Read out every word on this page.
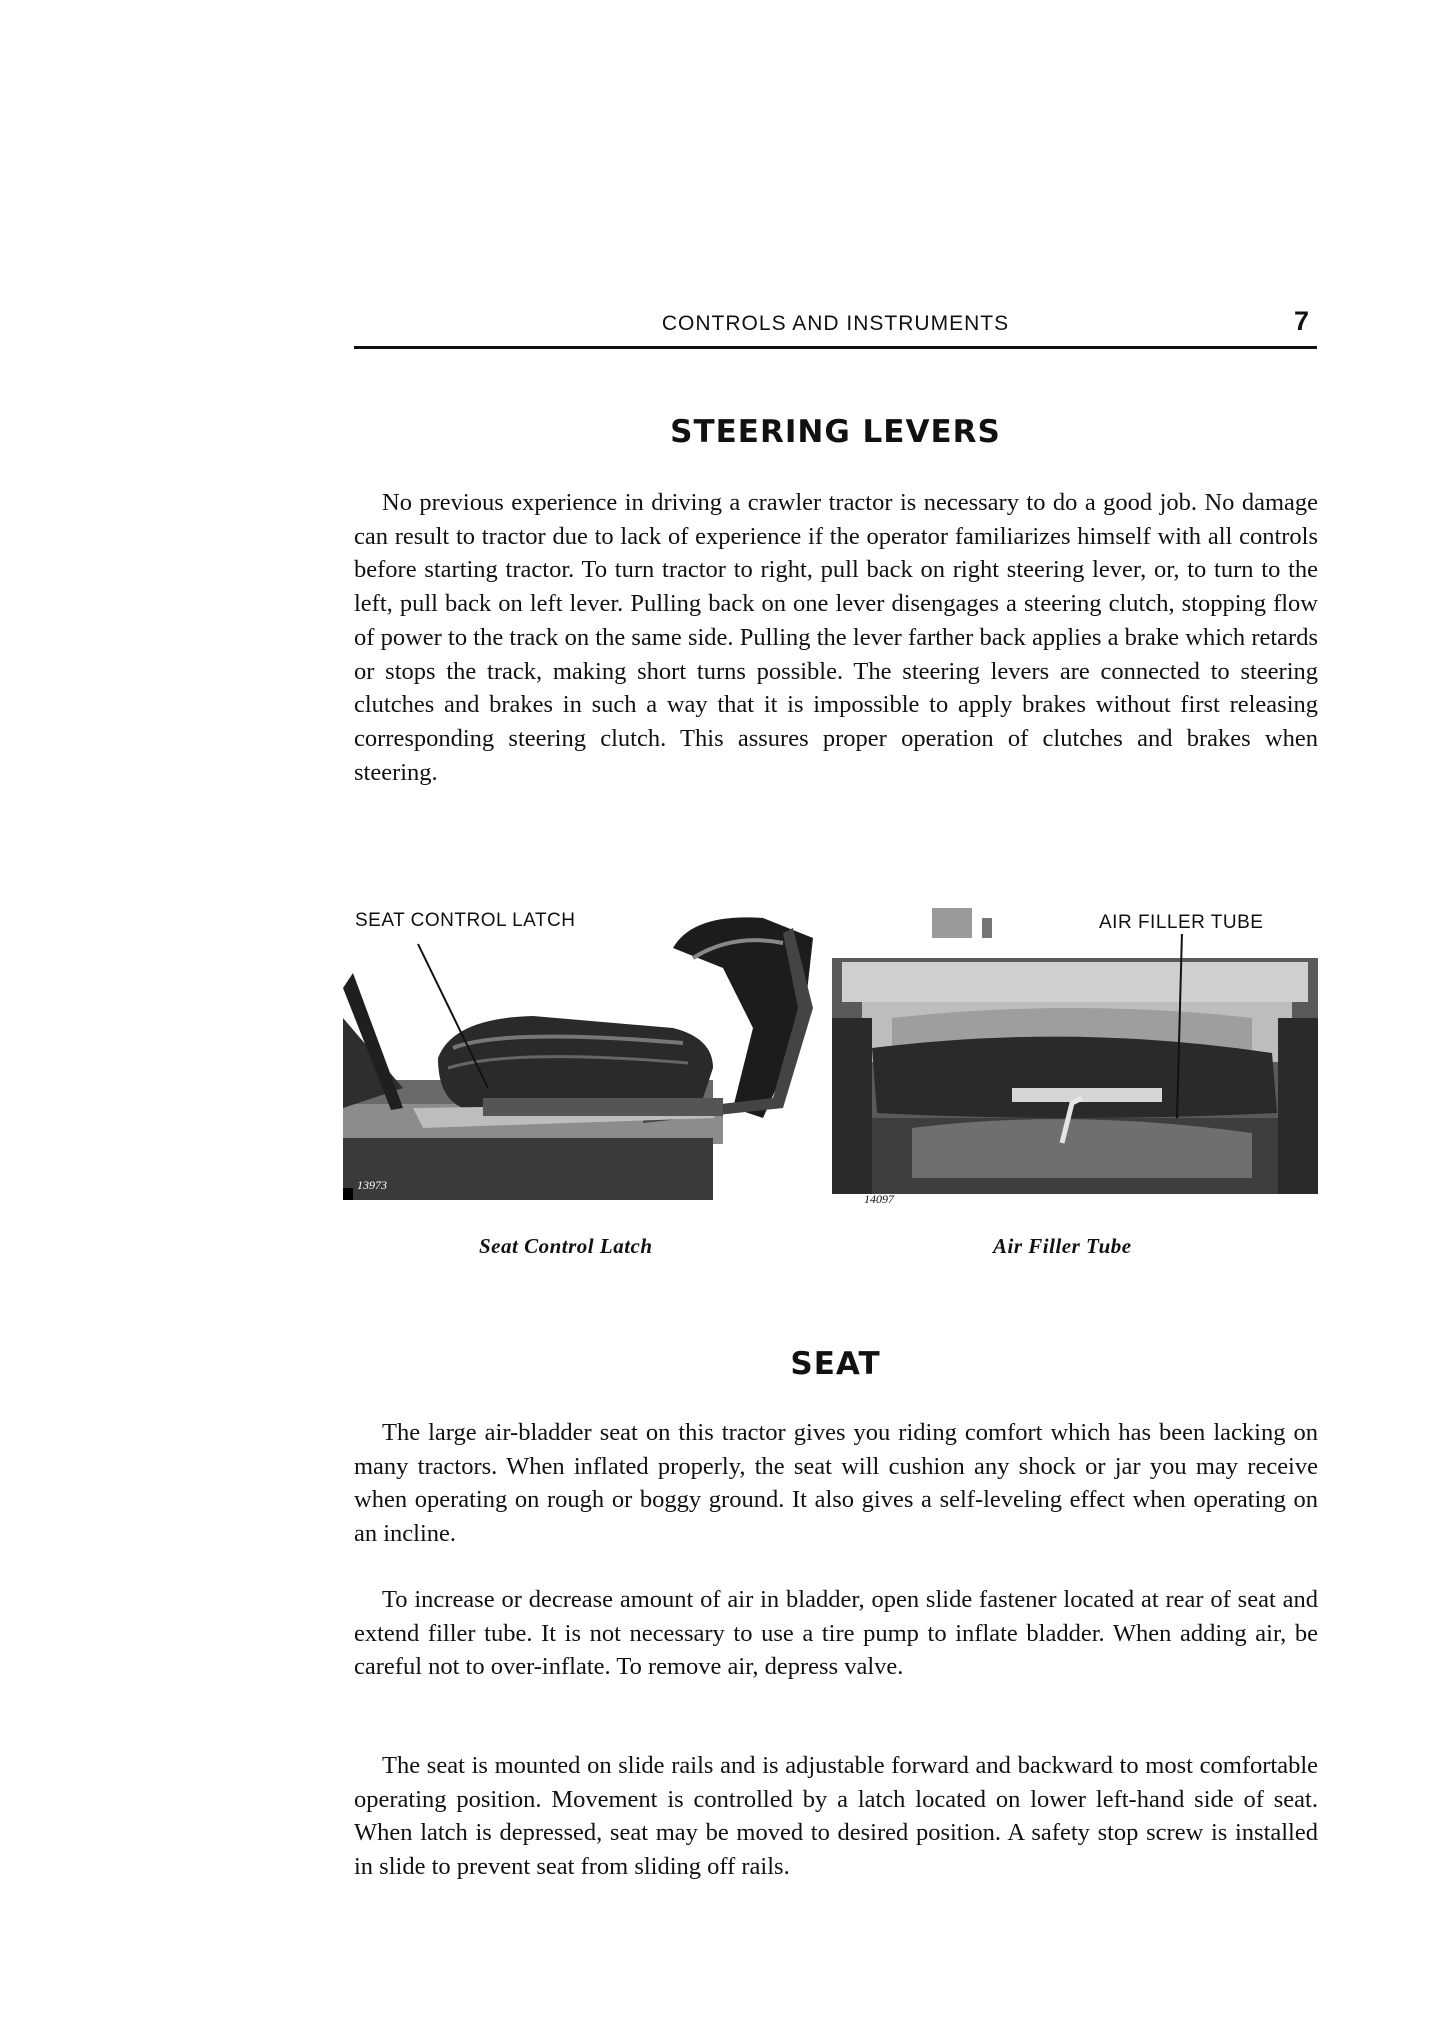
CONTROLS AND INSTRUMENTS	7
STEERING LEVERS

No previous experience in driving a crawler tractor is necessary to do a good job. No damage can result to tractor due to lack of experience if the operator familiarizes himself with all controls before starting tractor. To turn tractor to right, pull back on right steering lever, or, to turn to the left, pull back on left lever. Pulling back on one lever disengages a steering clutch, stopping flow of power to the track on the same side. Pulling the lever farther back applies a brake which retards or stops the track, making short turns possible. The steering levers are connected to steering clutches and brakes in such a way that it is impossible to apply brakes without first releasing corresponding steering clutch. This assures proper operation of clutches and brakes when steering.

SEAT CONTROL LATCH
13973
Seat Control Latch
AIR FILLER TUBE
14097
Air Filler Tube
SEAT

The large air-bladder seat on this tractor gives you riding comfort which has been lacking on many tractors. When inflated properly, the seat will cushion any shock or jar you may receive when operating on rough or boggy ground. It also gives a self-leveling effect when operating on an incline.

To increase or decrease amount of air in bladder, open slide fastener located at rear of seat and extend filler tube. It is not necessary to use a tire pump to inflate bladder. When adding air, be careful not to over-inflate. To remove air, depress valve.

The seat is mounted on slide rails and is adjustable forward and backward to most comfortable operating position. Movement is controlled by a latch located on lower left-hand side of seat. When latch is depressed, seat may be moved to desired position. A safety stop screw is installed in slide to prevent seat from sliding off rails.
